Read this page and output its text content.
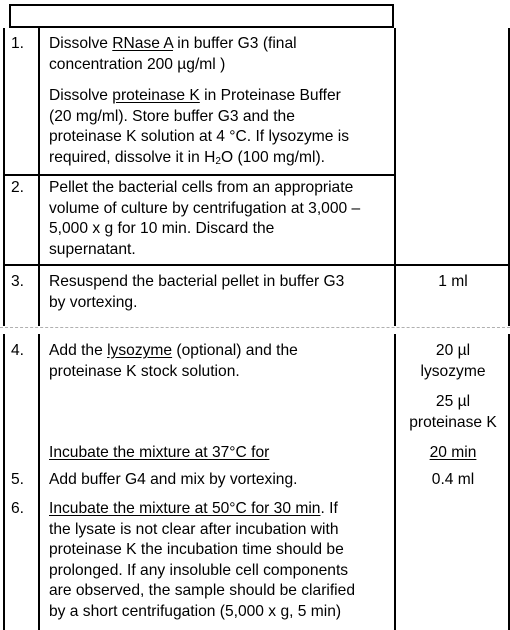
1. Dissolve RNase A in buffer G3 (final
concentration 200 µg/ml )
Dissolve proteinase K in Proteinase Buffer
(20 mg/ml). Store buffer G3 and the
proteinase K solution at 4 °C. If lysozyme is
required, dissolve it in $H_2O$ (100 mg/ml).
2. Pellet the bacterial cells from an appropriate
volume of culture by centrifugation at 3,000 –
5,000 x g for 10 min. Discard the
supernatant.
3. Resuspend the bacterial pellet in buffer G3
by vortexing.
1 ml
4. Add the lysozyme (optional) and the
proteinase K stock solution.
20 µl
lysozyme
25 µl
proteinase K
Incubate the mixture at 37°C for	20 min
5. Add buffer G4 and mix by vortexing.	0.4 ml
6. Incubate the mixture at 50°C for 30 min. If
the lysate is not clear after incubation with
proteinase K the incubation time should be
prolonged. If any insoluble cell components
are observed, the sample should be clarified
by a short centrifugation (5,000 x g, 5 min)
